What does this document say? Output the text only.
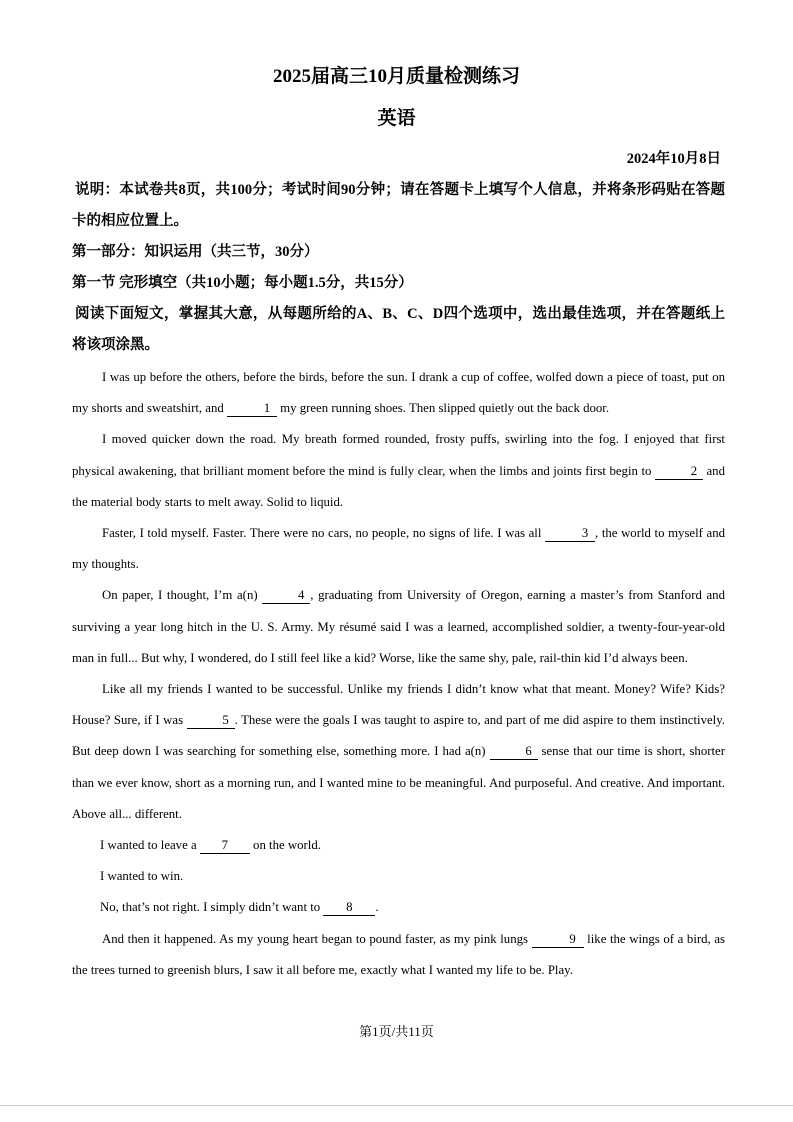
2025届高三10月质量检测练习
英语
2024年10月8日
说明：本试卷共8页，共100分；考试时间90分钟；请在答题卡上填写个人信息，并将条形码贴在答题卡的相应位置上。
第一部分：知识运用（共三节，30分）
第一节 完形填空（共10小题；每小题1.5分，共15分）
阅读下面短文，掌握其大意，从每题所给的A、B、C、D四个选项中，选出最佳选项，并在答题纸上将该项涂黑。

I was up before the others, before the birds, before the sun. I drank a cup of coffee, wolfed down a piece of toast, put on my shorts and sweatshirt, and	1 my green running shoes. Then slipped quietly out the back door.

I moved quicker down the road. My breath formed rounded, frosty puffs, swirling into the fog. I enjoyed that first physical awakening, that brilliant moment before the mind is fully clear, when the limbs and joints first begin to	2 and the material body starts to melt away. Solid to liquid.

Faster, I told myself. Faster. There were no cars, no people, no signs of life. I was all	3 , the world to myself and my thoughts.

On paper, I thought, I’m a(n)	4 , graduating from University of Oregon, earning a master’s from Stanford and surviving a year long hitch in the U. S. Army. My résumé said I was a learned, accomplished soldier, a twenty-four-year-old man in full... But why, I wondered, do I still feel like a kid? Worse, like the same shy, pale, rail-thin kid I’d always been.

Like all my friends I wanted to be successful. Unlike my friends I didn’t know what that meant. Money? Wife? Kids? House? Sure, if I was	5 . These were the goals I was taught to aspire to, and part of me did aspire to them instinctively. But deep down I was searching for something else, something more. I had a(n)	6 sense that our time is short, shorter than we ever know, short as a morning run, and I wanted mine to be meaningful. And purposeful. And creative. And important. Above all... different.

I wanted to leave a 7 on the world.

I wanted to win.

No, that’s not right. I simply didn’t want to 8 .

And then it happened. As my young heart began to pound faster, as my pink lungs	9 like the wings of a bird, as the trees turned to greenish blurs, I saw it all before me, exactly what I wanted my life to be. Play.

第1页/共11页
